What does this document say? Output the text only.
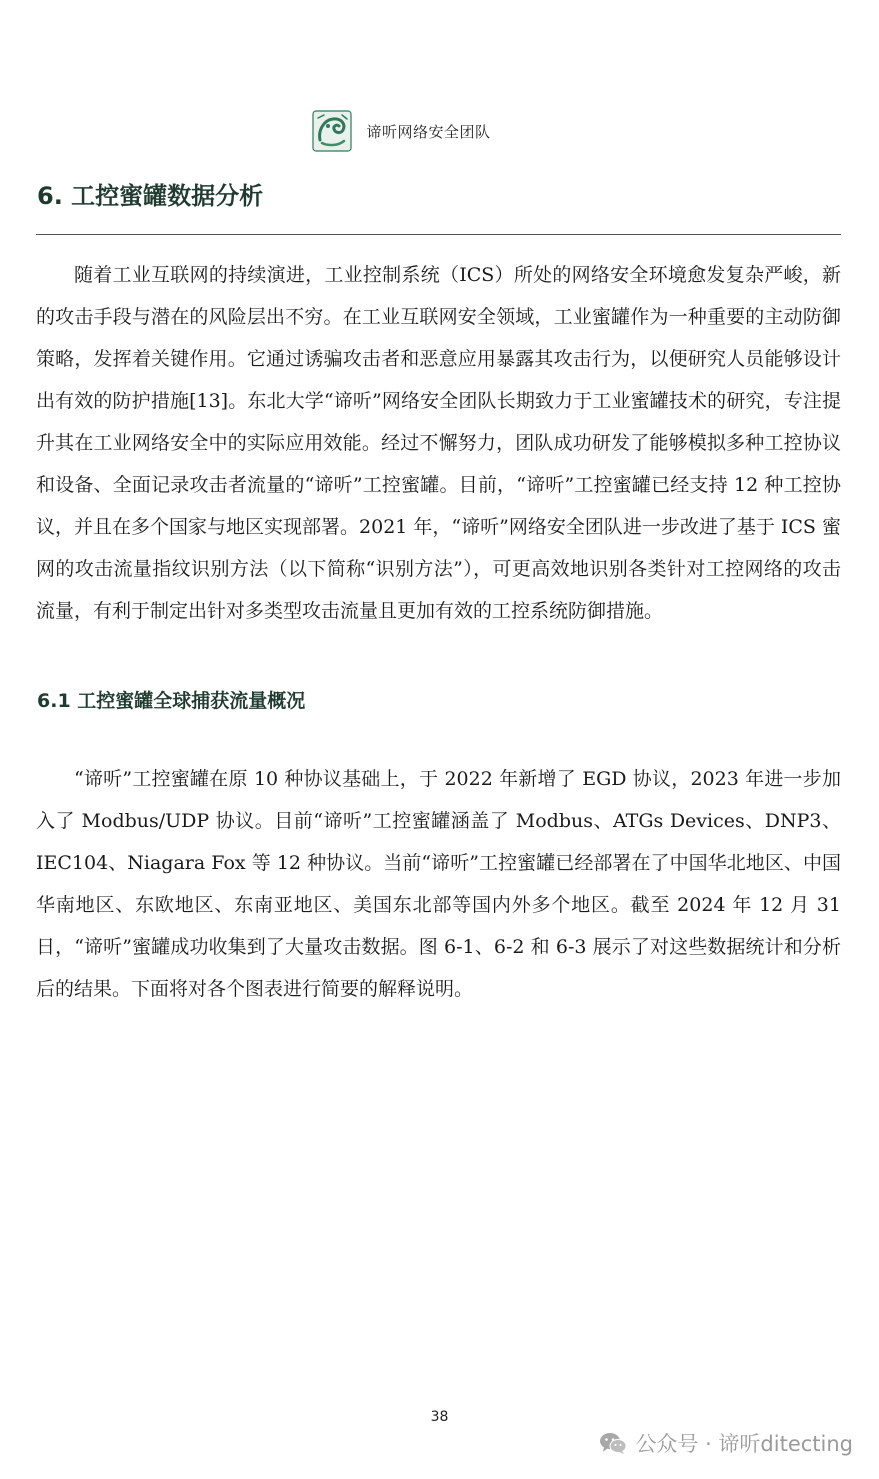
谛听网络安全团队
6. 工控蜜罐数据分析

随着工业互联网的持续演进，工业控制系统（ICS）所处的网络安全环境愈发复杂严峻，新的攻击手段与潜在的风险层出不穷。在工业互联网安全领域，工业蜜罐作为一种重要的主动防御策略，发挥着关键作用。它通过诱骗攻击者和恶意应用暴露其攻击行为，以便研究人员能够设计出有效的防护措施[13]。东北大学“谛听”网络安全团队长期致力于工业蜜罐技术的研究，专注提升其在工业网络安全中的实际应用效能。经过不懈努力，团队成功研发了能够模拟多种工控协议和设备、全面记录攻击者流量的“谛听”工控蜜罐。目前，“谛听”工控蜜罐已经支持 12 种工控协议，并且在多个国家与地区实现部署。2021 年，“谛听”网络安全团队进一步改进了基于 ICS 蜜网的攻击流量指纹识别方法（以下简称“识别方法”），可更高效地识别各类针对工控网络的攻击流量，有利于制定出针对多类型攻击流量且更加有效的工控系统防御措施。

6.1 工控蜜罐全球捕获流量概况

“谛听”工控蜜罐在原 10 种协议基础上，于 2022 年新增了 EGD 协议，2023 年进一步加入了 Modbus/UDP 协议。目前“谛听”工控蜜罐涵盖了 Modbus、ATGs Devices、DNP3、IEC104、Niagara Fox 等 12 种协议。当前“谛听”工控蜜罐已经部署在了中国华北地区、中国华南地区、东欧地区、东南亚地区、美国东北部等国内外多个地区。截至 2024 年 12 月 31 日，“谛听”蜜罐成功收集到了大量攻击数据。图 6-1、6-2 和 6-3 展示了对这些数据统计和分析后的结果。下面将对各个图表进行简要的解释说明。

38
公众号 · 谛听ditecting
